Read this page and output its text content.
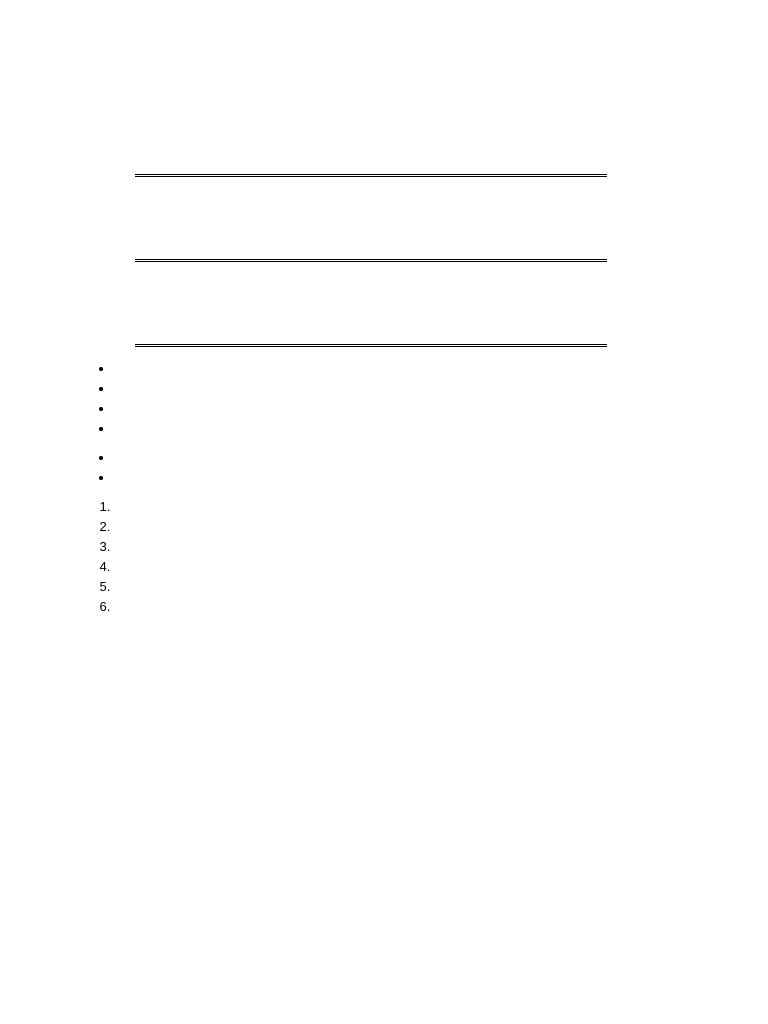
•
•
•
•

•
•
1.
2.
3.
4.
5.
6.
